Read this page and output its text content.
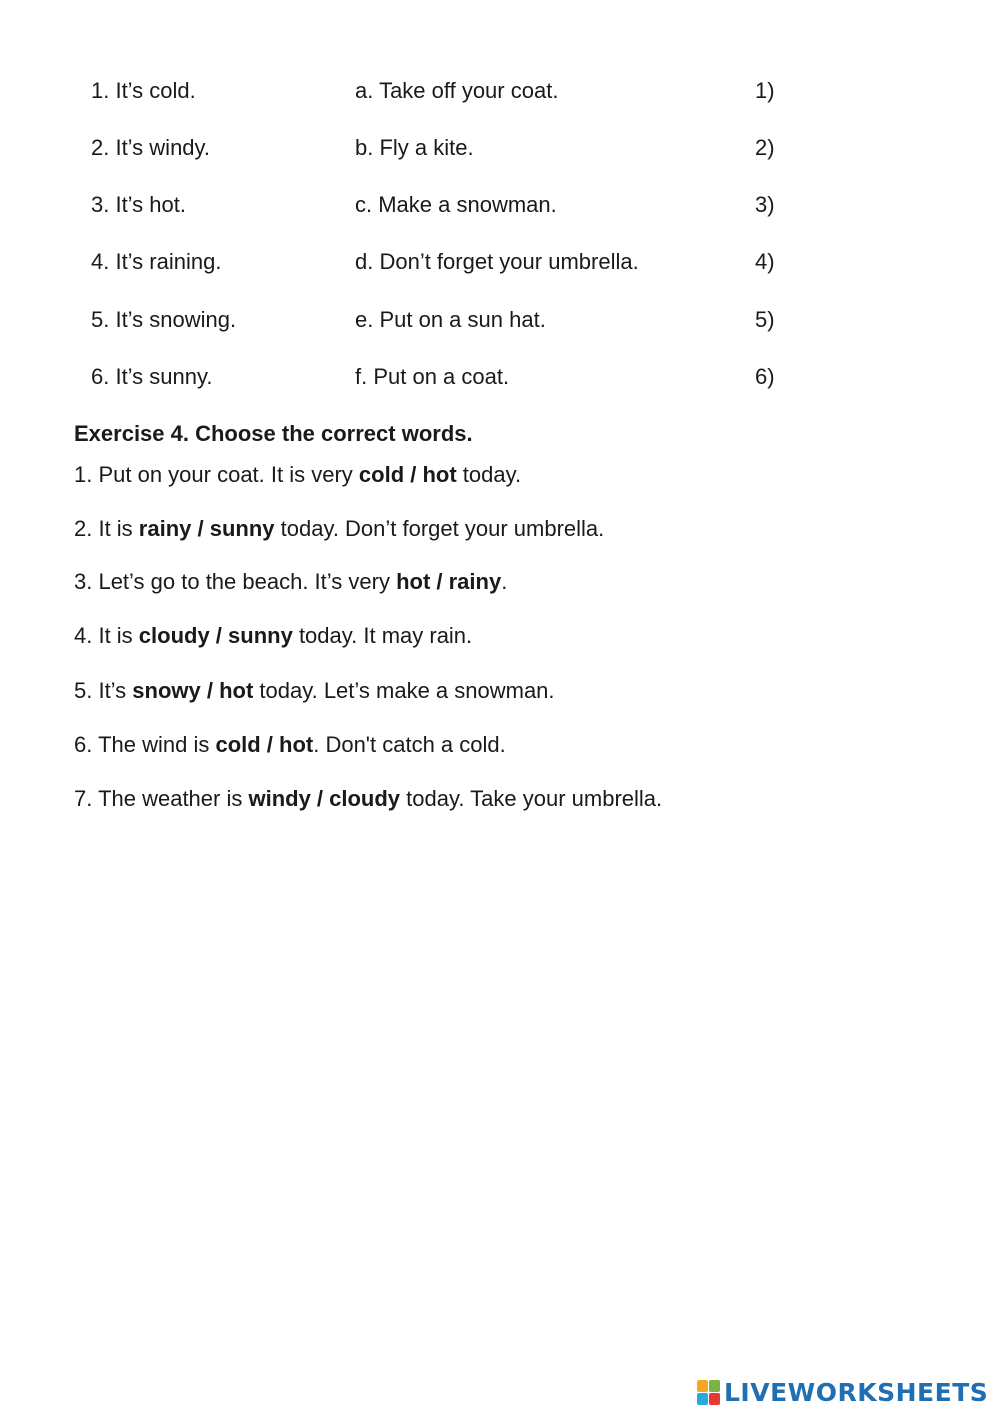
1. It’s cold.	a. Take off your coat.	1)
2. It’s windy.	b. Fly a kite.	2)
3. It’s hot.	c. Make a snowman.	3)
4. It’s raining.	d. Don’t forget your umbrella.	4)
5. It’s snowing.	e. Put on a sun hat.	5)
6. It’s sunny.	f. Put on a coat.	6)
Exercise 4. Choose the correct words.
1. Put on your coat. It is very cold / hot today.
2. It is rainy / sunny today. Don’t forget your umbrella.
3. Let’s go to the beach. It’s very hot / rainy.
4. It is cloudy / sunny today. It may rain.
5. It’s snowy / hot today. Let’s make a snowman.
6. The wind is cold / hot. Don't catch a cold.
7. The weather is windy / cloudy today. Take your umbrella.
LIVEWORKSHEETS
